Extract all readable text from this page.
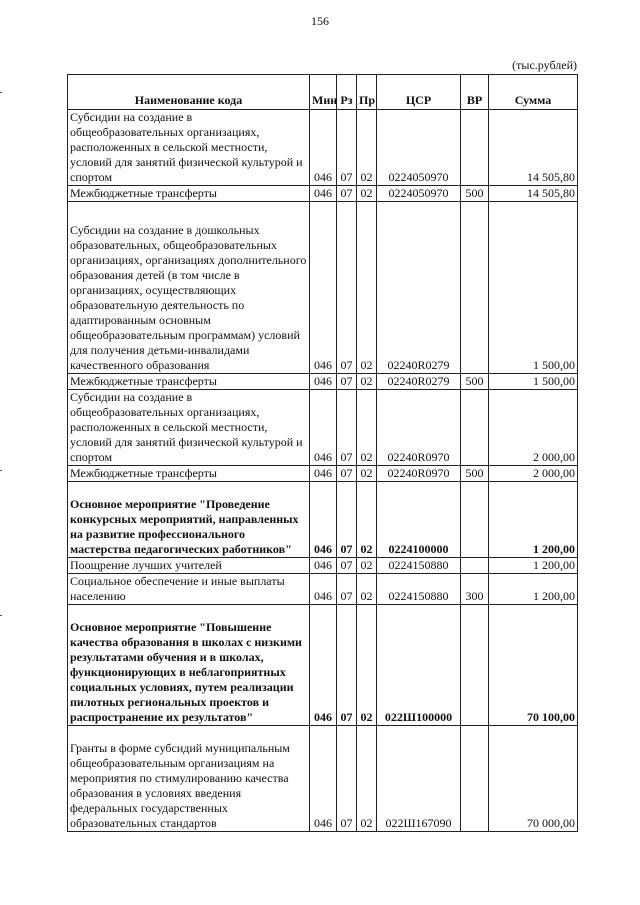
156
(тыс.рублей)
Наименование кода	Мин	Рз	Пр	ЦСР	ВР	Сумма
Субсидии на создание в общеобразовательных организациях, расположенных в сельской местности, условий для занятий физической культурой и спортом	046	07	02	0224050970		14 505,80
Межбюджетные трансферты	046	07	02	0224050970	500	14 505,80
Субсидии на создание в дошкольных образовательных, общеобразовательных организациях, организациях дополнительного образования детей (в том числе в организациях, осуществляющих образовательную деятельность по адаптированным основным общеобразовательным программам) условий для получения детьми-инвалидами качественного образования	046	07	02	02240R0279		1 500,00
Межбюджетные трансферты	046	07	02	02240R0279	500	1 500,00
Субсидии на создание в общеобразовательных организациях, расположенных в сельской местности, условий для занятий физической культурой и спортом	046	07	02	02240R0970		2 000,00
Межбюджетные трансферты	046	07	02	02240R0970	500	2 000,00
Основное мероприятие "Проведение конкурсных мероприятий, направленных на развитие профессионального мастерства педагогических работников"	046	07	02	0224100000		1 200,00
Поощрение лучших учителей	046	07	02	0224150880		1 200,00
Социальное обеспечение и иные выплаты населению	046	07	02	0224150880	300	1 200,00
Основное мероприятие "Повышение качества образования в школах с низкими результатами обучения и в школах, функционирующих в неблагоприятных социальных условиях, путем реализации пилотных региональных проектов и распространение их результатов"	046	07	02	022Ш100000		70 100,00
Гранты в форме субсидий муниципальным общеобразовательным организациям на мероприятия по стимулированию качества образования в условиях введения федеральных государственных образовательных стандартов	046	07	02	022Ш167090		70 000,00
